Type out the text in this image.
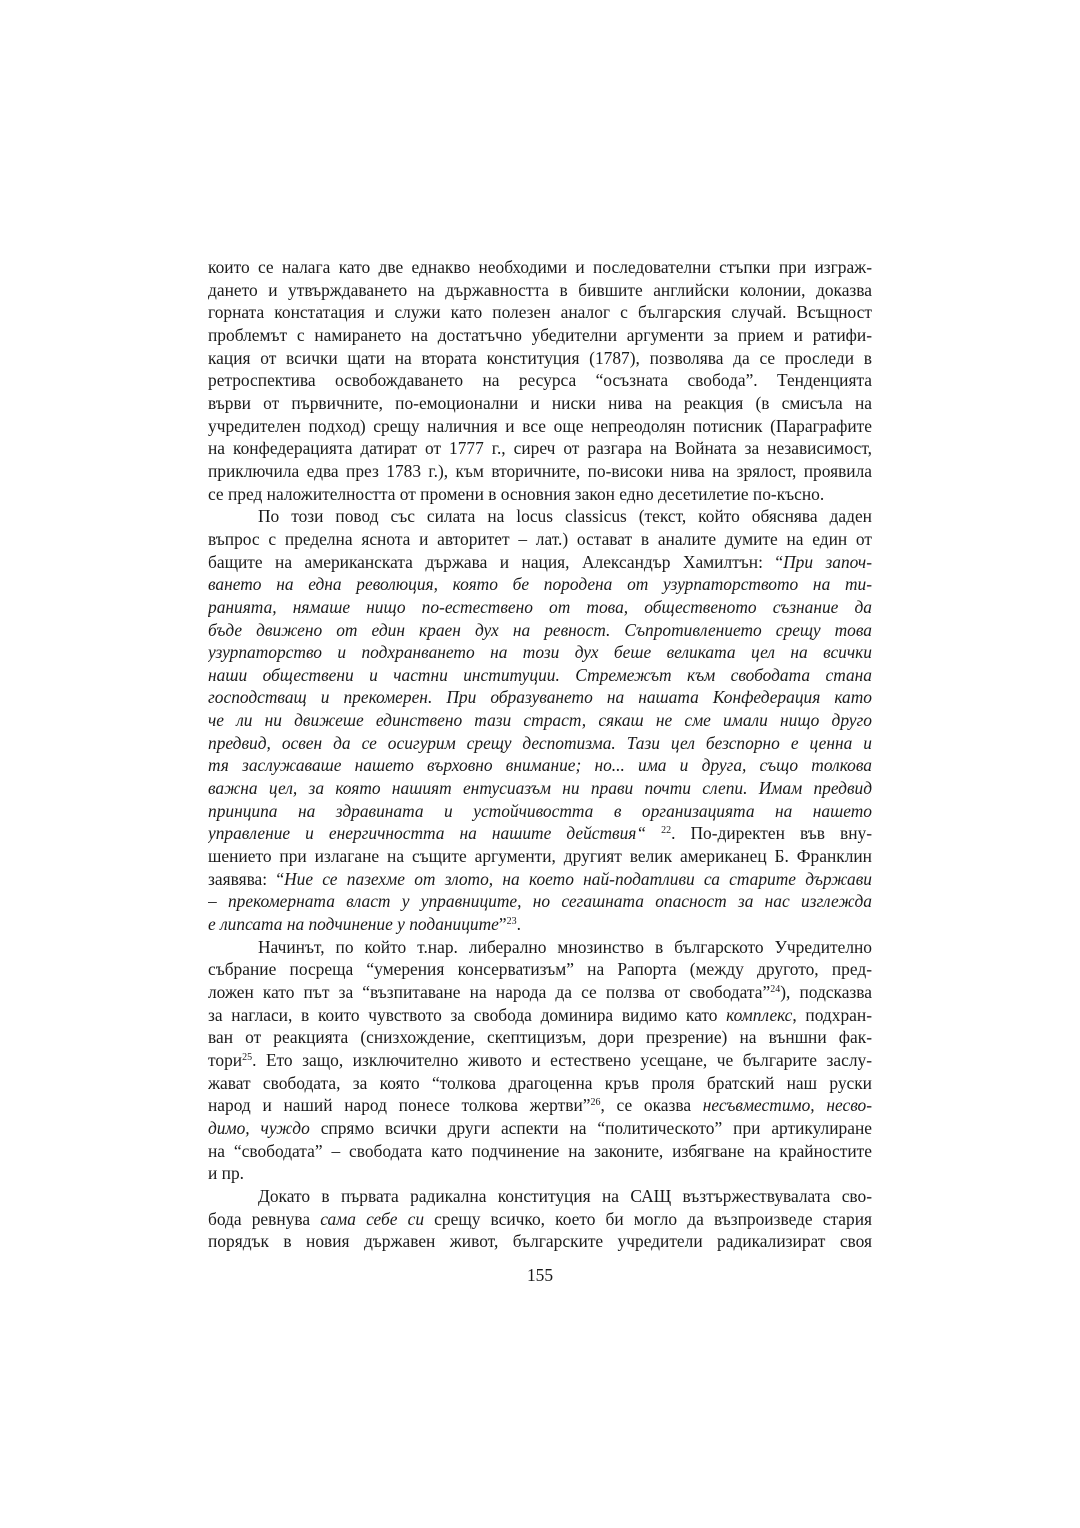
които се налага като две еднакво необходими и последователни стъпки при изграж-
дането и утвърждаването на държавността в бившите английски колонии, доказва
горната констатация и служи като полезен аналог с българския случай. Всъщност
проблемът с намирането на достатъчно убедителни аргументи за прием и ратифи-
кация от всички щати на втората конституция (1787), позволява да се проследи в
ретроспектива освобождаването на ресурса “осъзната свобода”. Тенденцията
върви от първичните, по-емоционални и ниски нива на реакция (в смисъла на
учредителен подход) срещу наличния и все още непреодолян потисник (Параграфите
на конфедерацията датират от 1777 г., сиреч от разгара на Войната за независимост,
приключила едва през 1783 г.), към вторичните, по-високи нива на зрялост, проявила
се пред наложителността от промени в основния закон едно десетилетие по-късно.
По този повод със силата на locus classicus (текст, който обяснява даден
въпрос с пределна яснота и авторитет – лат.) остават в аналите думите на един от
бащите на американската държава и нация, Александър Хамилтън: “При започ-
ването на една революция, която бе породена от узурпаторството на ти-
ранията, нямаше нищо по-естествено от това, общественото съзнание да
бъде движено от един краен дух на ревност. Съпротивлението срещу това
узурпаторство и подхранването на този дух беше великата цел на всички
наши обществени и частни институции. Стремежът към свободата стана
господстващ и прекомерен. При образуването на нашата Конфедерация като
че ли ни движеше единствено тази страст, сякаш не сме имали нищо друго
предвид, освен да се осигурим срещу деспотизма. Тази цел безспорно е ценна и
тя заслужаваше нашето върховно внимание; но... има и друга, също толкова
важна цел, за която нашият ентусиазъм ни прави почти слепи. Имам предвид
принципа на здравината и устойчивостта в организацията на нашето
управление и енергичността на нашите действия“ $^{22}$. По-директен във вну-
шението при излагане на същите аргументи, другият велик американец Б. Франклин
заявява: “Ние се пазехме от злото, на което най-податливи са старите държави
– прекомерната власт у управниците, но сегашната опасност за нас изглежда
е липсата на подчинение у поданиците”$^{23}$.
Начинът, по който т.нар. либерално мнозинство в българското Учредително
събрание посреща “умерения консерватизъм” на Рапорта (между другото, пред-
ложен като път за “възпитаване на народа да се ползва от свободата”$^{24}$), подсказва
за нагласи, в които чувството за свобода доминира видимо като комплекс, подхран-
ван от реакцията (снизхождение, скептицизъм, дори презрение) на външни фак-
тори$^{25}$. Ето защо, изключително живото и естествено усещане, че българите заслу-
жават свободата, за която “толкова драгоценна кръв проля братский наш руски
народ и наший народ понесе толкова жертви”$^{26}$, се оказва несъвместимо, несво-
димо, чуждо спрямо всички други аспекти на “политическото” при артикулиране
на “свободата” – свободата като подчинение на законите, избягване на крайностите
и пр.
Докато в първата радикална конституция на САЩ възтържествувалата сво-
бода ревнува сама себе си срещу всичко, което би могло да възпроизведе стария
порядък в новия държавен живот, българските учредители радикализират своя
155
